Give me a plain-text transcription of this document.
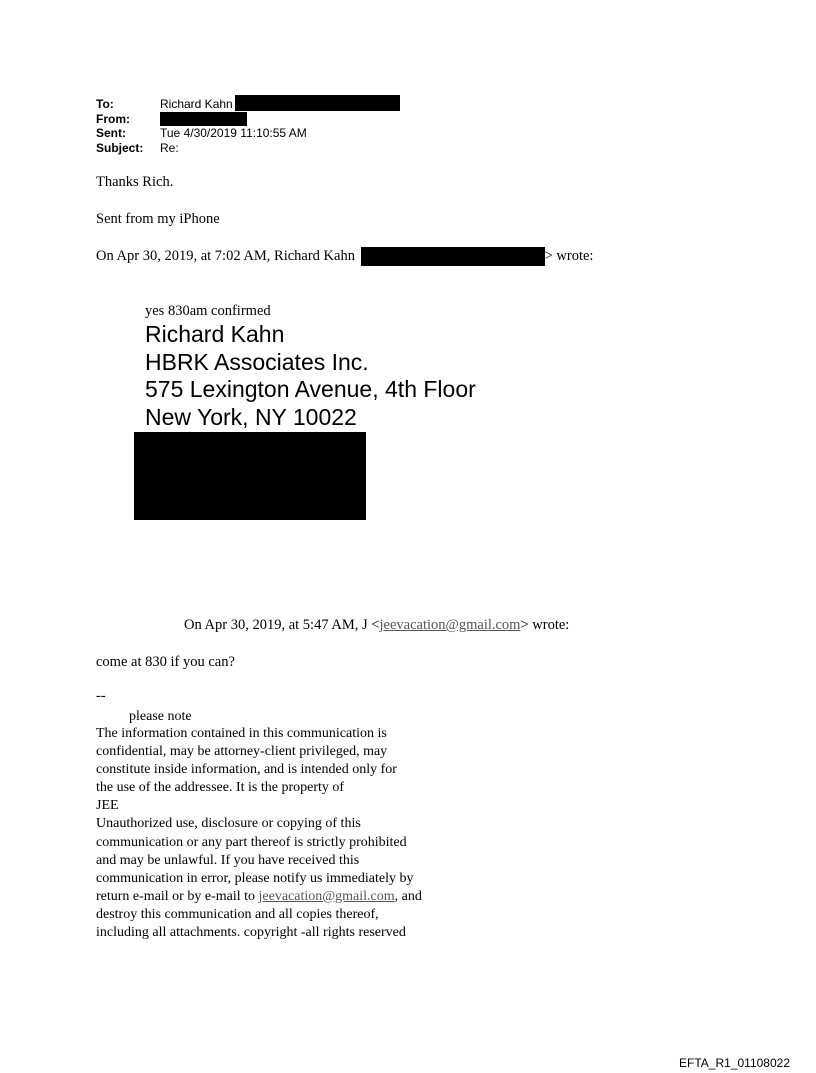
To:	Richard Kahn
From:
Sent:	Tue 4/30/2019 11:10:55 AM
Subject: Re:
Thanks Rich.
Sent from my iPhone
On Apr 30, 2019, at 7:02 AM, Richard Kahn	> wrote:
yes 830am confirmed
Richard Kahn
HBRK Associates Inc.
575 Lexington Avenue, 4th Floor
New York, NY 10022
On Apr 30, 2019, at 5:47 AM, J <jeevacation@gmail.com> wrote:
come at 830 if you can?
--
please note
The information contained in this communication is
confidential, may be attorney-client privileged, may
constitute inside information, and is intended only for
the use of the addressee. It is the property of
JEE
Unauthorized use, disclosure or copying of this
communication or any part thereof is strictly prohibited
and may be unlawful. If you have received this
communication in error, please notify us immediately by
return e-mail or by e-mail to jeevacation@gmail.com, and
destroy this communication and all copies thereof,
including all attachments. copyright -all rights reserved
EFTA_R1_01108022
